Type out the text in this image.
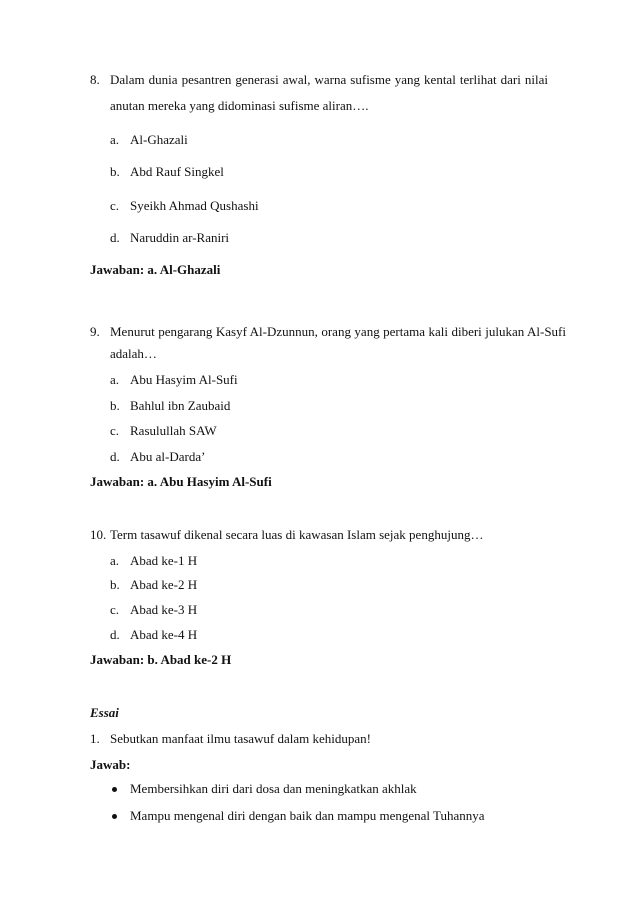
8. Dalam dunia pesantren generasi awal, warna sufisme yang kental terlihat dari nilai
anutan mereka yang didominasi sufisme aliran….
a. Al-Ghazali
b. Abd Rauf Singkel
c. Syeikh Ahmad Qushashi
d. Naruddin ar-Raniri
Jawaban: a. Al-Ghazali
9. Menurut pengarang Kasyf Al-Dzunnun, orang yang pertama kali diberi julukan Al-Sufi
adalah…
a. Abu Hasyim Al-Sufi
b. Bahlul ibn Zaubaid
c. Rasulullah SAW
d. Abu al-Darda’
Jawaban: a. Abu Hasyim Al-Sufi
10. Term tasawuf dikenal secara luas di kawasan Islam sejak penghujung…
a. Abad ke-1 H
b. Abad ke-2 H
c. Abad ke-3 H
d. Abad ke-4 H
Jawaban: b. Abad ke-2 H
Essai
1. Sebutkan manfaat ilmu tasawuf dalam kehidupan!
Jawab:
Membersihkan diri dari dosa dan meningkatkan akhlak
Mampu mengenal diri dengan baik dan mampu mengenal Tuhannya
